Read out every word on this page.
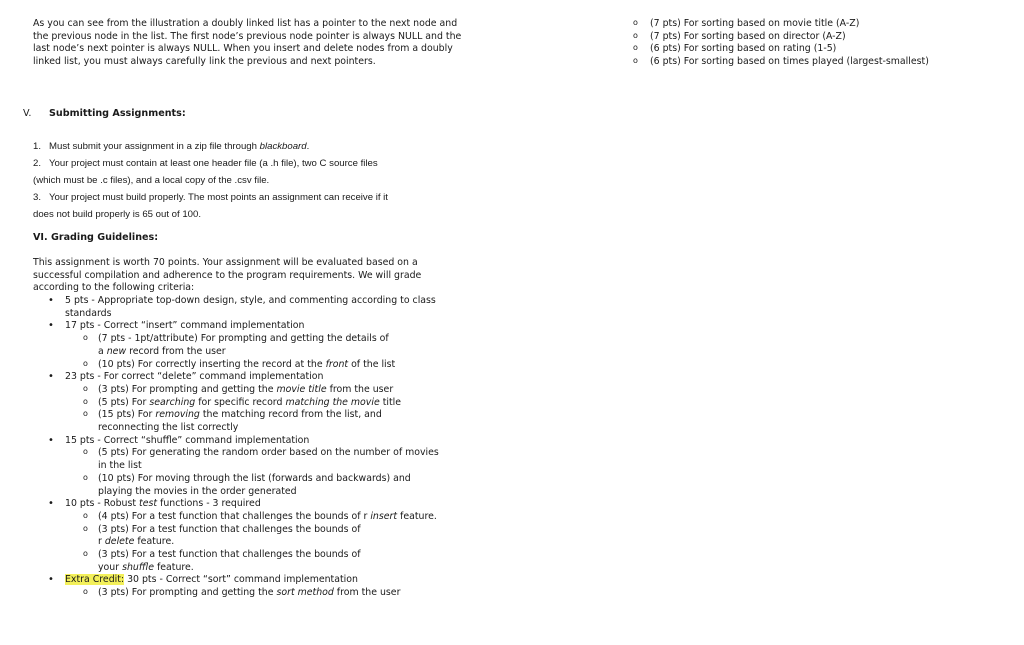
As you can see from the illustration a doubly linked list has a pointer to the next node and the previous node in the list. The first node’s previous node pointer is always NULL and the last node’s next pointer is always NULL. When you insert and delete nodes from a doubly linked list, you must always carefully link the previous and next pointers.

V. Submitting Assignments:
1. Must submit your assignment in a zip file through blackboard.
2. Your project must contain at least one header file (a .h file), two C source files
(which must be .c files), and a local copy of the .csv file.
3. Your project must build properly. The most points an assignment can receive if it
does not build properly is 65 out of 100.
VI. Grading Guidelines:
This assignment is worth 70 points. Your assignment will be evaluated based on a successful compilation and adherence to the program requirements. We will grade according to the following criteria:
• 5 pts - Appropriate top-down design, style, and commenting according to class standards
• 17 pts - Correct “insert” command implementation
o (7 pts - 1pt/attribute) For prompting and getting the details of
a new record from the user
o (10 pts) For correctly inserting the record at the front of the list
• 23 pts - For correct “delete” command implementation
o (3 pts) For prompting and getting the movie title from the user
o (5 pts) For searching for specific record matching the movie title
o (15 pts) For removing the matching record from the list, and
reconnecting the list correctly
• 15 pts - Correct “shuffle” command implementation
o (5 pts) For generating the random order based on the number of movies
in the list
o (10 pts) For moving through the list (forwards and backwards) and
playing the movies in the order generated
• 10 pts - Robust test functions - 3 required
o (4 pts) For a test function that challenges the bounds of r insert feature.
o (3 pts) For a test function that challenges the bounds of
r delete feature.
o (3 pts) For a test function that challenges the bounds of
your shuffle feature.
• Extra Credit: 30 pts - Correct “sort” command implementation
o (3 pts) For prompting and getting the sort method from the user
o (7 pts) For sorting based on movie title (A-Z)
o (7 pts) For sorting based on director (A-Z)
o (6 pts) For sorting based on rating (1-5)
o (6 pts) For sorting based on times played (largest-smallest)
